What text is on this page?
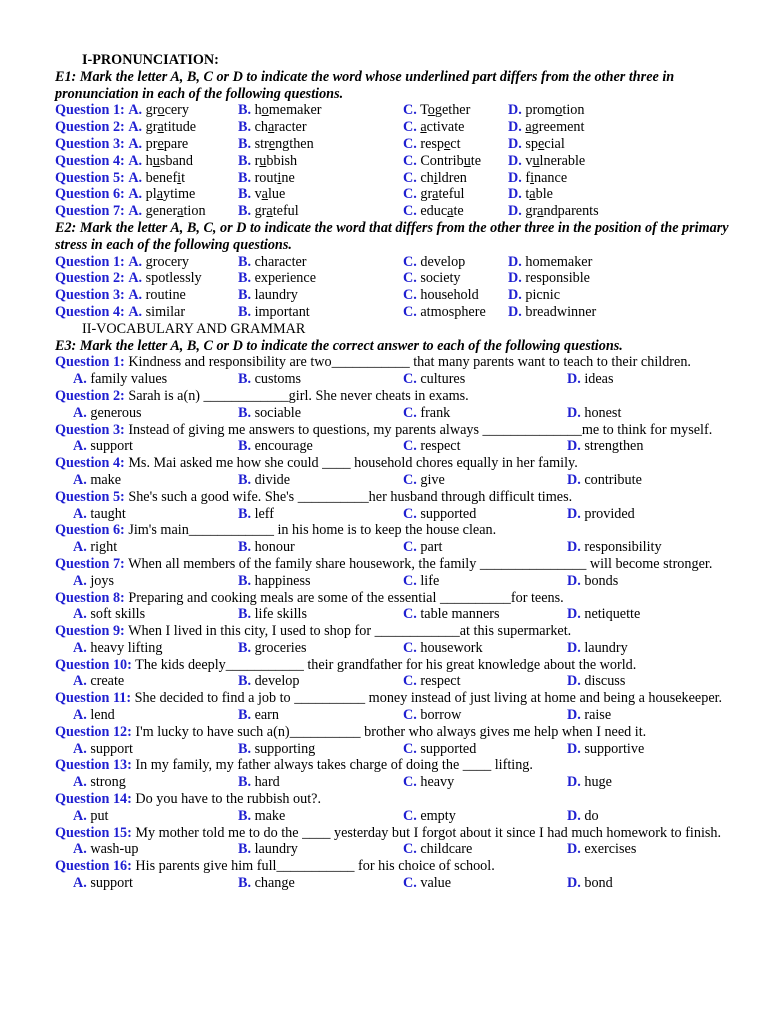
I-PRONUNCIATION:
E1: Mark the letter A, B, C or D to indicate the word whose underlined part differs from the other three in pronunciation in each of the following questions.
Question 1: A. grocery	B. homemaker	C. Together	D. promotion
Question 2: A. gratitude	B. character	C. activate	D. agreement
Question 3: A. prepare	B. strengthen	C. respect	D. special
Question 4: A. husband	B. rubbish	C. Contribute	D. vulnerable
Question 5: A. benefit	B. routine	C. children	D. finance
Question 6: A. playtime	B. value	C. grateful	D. table
Question 7: A. generation	B. grateful	C. educate	D. grandparents
E2: Mark the letter A, B, C, or D to indicate the word that differs from the other three in the position of the primary stress in each of the following questions.
Question 1: A. grocery	B. character	C. develop	D. homemaker
Question 2: A. spotlessly	B. experience	C. society	D. responsible
Question 3: A. routine	B. laundry	C. household	D. picnic
Question 4: A. similar	B. important	C. atmosphere	D. breadwinner
II-VOCABULARY AND GRAMMAR
E3: Mark the letter A, B, C or D to indicate the correct answer to each of the following questions.
Question 1: Kindness and responsibility are two___________ that many parents want to teach to their children.
A. family values	B. customs	C. cultures	D. ideas
Question 2: Sarah is a(n) ____________girl. She never cheats in exams.
A. generous	B. sociable	C. frank	D. honest
Question 3: Instead of giving me answers to questions, my parents always ______________me to think for myself.
A. support	B. encourage	C. respect	D. strengthen
Question 4: Ms. Mai asked me how she could ____ household chores equally in her family.
A. make	B. divide	C. give	D. contribute
Question 5: She's such a good wife. She's __________her husband through difficult times.
A. taught	B. leff	C. supported	D. provided
Question 6: Jim's main____________ in his home is to keep the house clean.
A. right	B. honour	C. part	D. responsibility
Question 7: When all members of the family share housework, the family _______________ will become stronger.
A. joys	B. happiness	C. life	D. bonds
Question 8: Preparing and cooking meals are some of the essential __________for teens.
A. soft skills	B. life skills	C. table manners	D. netiquette
Question 9: When I lived in this city, I used to shop for ____________at this supermarket.
A. heavy lifting	B. groceries	C. housework	D. laundry
Question 10: The kids deeply___________ their grandfather for his great knowledge about the world.
A. create	B. develop	C. respect	D. discuss
Question 11: She decided to find a job to __________ money instead of just living at home and being a housekeeper.
A. lend	B. earn	C. borrow	D. raise
Question 12: I'm lucky to have such a(n)__________ brother who always gives me help when I need it.
A. support	B. supporting	C. supported	D. supportive
Question 13: In my family, my father always takes charge of doing the ____ lifting.
A. strong	B. hard	C. heavy	D. huge
Question 14: Do you have to the rubbish out?.
A. put	B. make	C. empty	D. do
Question 15: My mother told me to do the ____ yesterday but I forgot about it since I had much homework to finish.
A. wash-up	B. laundry	C. childcare	D. exercises
Question 16: His parents give him full___________ for his choice of school.
A. support	B. change	C. value	D. bond
